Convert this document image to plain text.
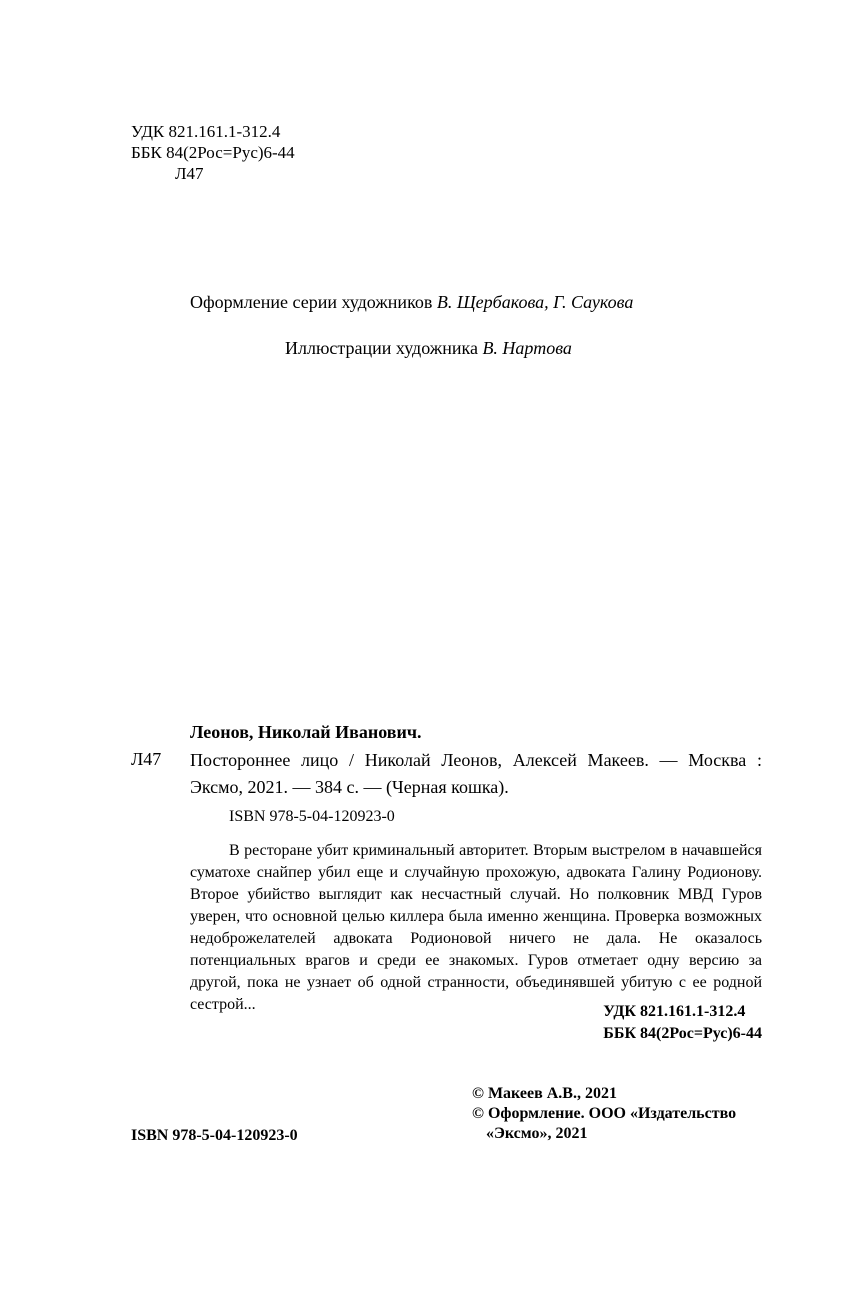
УДК 821.161.1-312.4
ББК 84(2Рос=Рус)6-44
Л47
Оформление серии художников В. Щербакова, Г. Саукова
Иллюстрации художника В. Нартова
Леонов, Николай Иванович.
Л47 Постороннее лицо / Николай Леонов, Алексей Макеев. — Москва : Эксмо, 2021. — 384 с. — (Черная кошка).
ISBN 978-5-04-120923-0
В ресторане убит криминальный авторитет. Вторым выстрелом в начавшейся суматохе снайпер убил еще и случайную прохожую, адвоката Галину Родионову. Второе убийство выглядит как несчастный случай. Но полковник МВД Гуров уверен, что основной целью киллера была именно женщина. Проверка возможных недоброжелателей адвоката Родионовой ничего не дала. Не оказалось потенциальных врагов и среди ее знакомых. Гуров отметает одну версию за другой, пока не узнает об одной странности, объединявшей убитую с ее родной сестрой...	УДК 821.161.1-312.4
ББК 84(2Рос=Рус)6-44
© Макеев А.В., 2021
© Оформление. ООО «Издательство
«Эксмо», 2021
ISBN 978-5-04-120923-0
